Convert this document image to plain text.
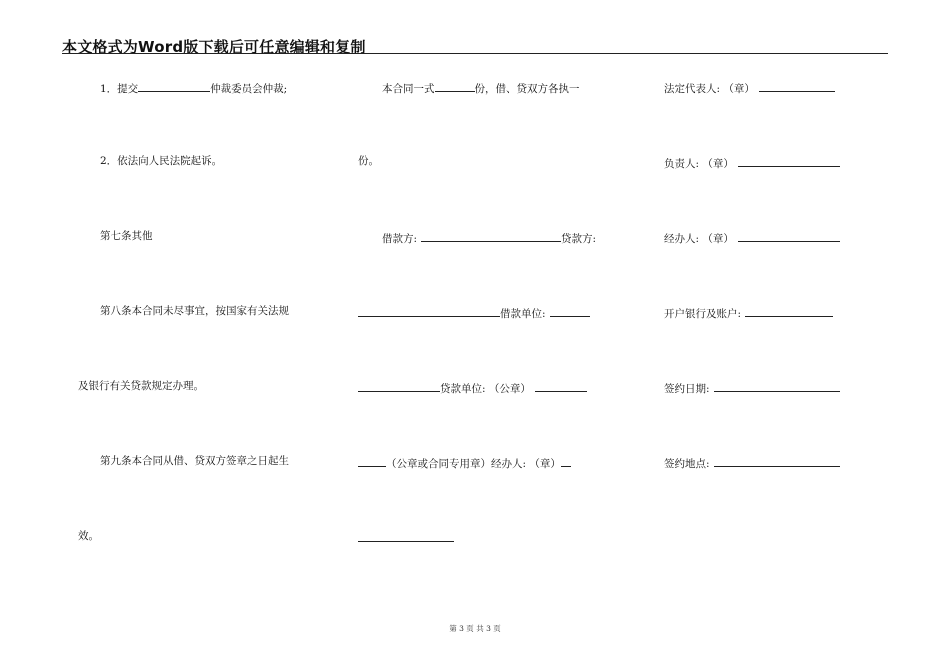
本文格式为Word版下载后可任意编辑和复制
1．提交	仲裁委员会仲裁;
2．依法向人民法院起诉。
第七条其他
第八条本合同未尽事宜，按国家有关法规
及银行有关贷款规定办理。
第九条本合同从借、贷双方签章之日起生
效。
本合同一式	份，借、贷双方各执一
份。
借款方:	贷款方:
借款单位:
贷款单位: （公章）
（公章或合同专用章）经办人: （章）
法定代表人: （章）
负责人: （章）
经办人: （章）
开户银行及账户:
签约日期:
签约地点:
第 3 页 共 3 页
